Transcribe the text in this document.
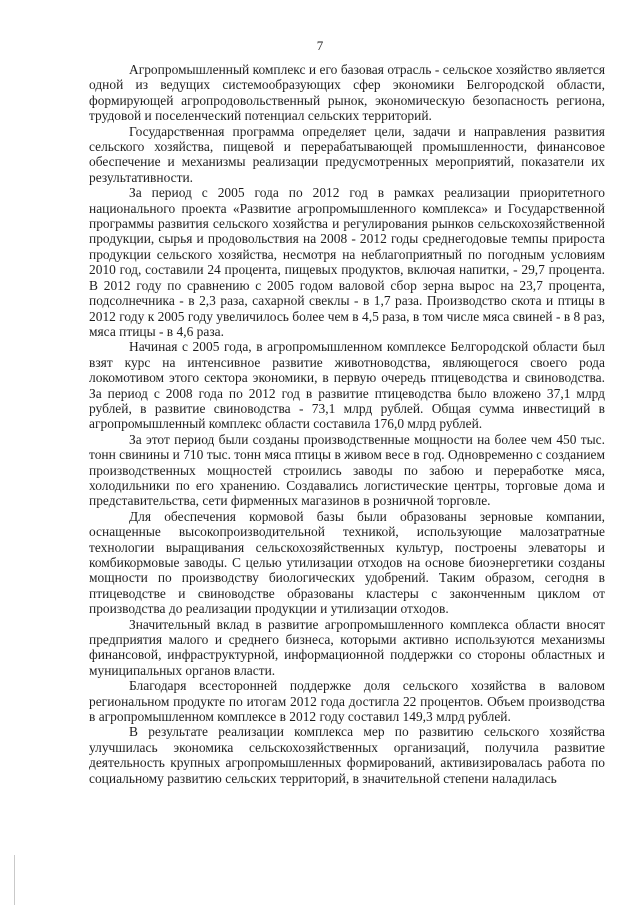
7

Агропромышленный комплекс и его базовая отрасль - сельское хозяйство является одной из ведущих системообразующих сфер экономики Белгородской области, формирующей агропродовольственный рынок, экономическую безопасность региона, трудовой и поселенческий потенциал сельских территорий.

Государственная программа определяет цели, задачи и направления развития сельского хозяйства, пищевой и перерабатывающей промышленности, финансовое обеспечение и механизмы реализации предусмотренных мероприятий, показатели их результативности.

За период с 2005 года по 2012 год в рамках реализации приоритетного национального проекта «Развитие агропромышленного комплекса» и Государственной программы развития сельского хозяйства и регулирования рынков сельскохозяйственной продукции, сырья и продовольствия на 2008 - 2012 годы среднегодовые темпы прироста продукции сельского хозяйства, несмотря на неблагоприятный по погодным условиям 2010 год, составили 24 процента, пищевых продуктов, включая напитки, - 29,7 процента. В 2012 году по сравнению с 2005 годом валовой сбор зерна вырос на 23,7 процента, подсолнечника - в 2,3 раза, сахарной свеклы - в 1,7 раза. Производство скота и птицы в 2012 году к 2005 году увеличилось более чем в 4,5 раза, в том числе мяса свиней - в 8 раз, мяса птицы - в 4,6 раза.

Начиная с 2005 года, в агропромышленном комплексе Белгородской области был взят курс на интенсивное развитие животноводства, являющегося своего рода локомотивом этого сектора экономики, в первую очередь птицеводства и свиноводства. За период с 2008 года по 2012 год в развитие птицеводства было вложено 37,1 млрд рублей, в развитие свиноводства - 73,1 млрд рублей. Общая сумма инвестиций в агропромышленный комплекс области составила 176,0 млрд рублей.

За этот период были созданы производственные мощности на более чем 450 тыс. тонн свинины и 710 тыс. тонн мяса птицы в живом весе в год. Одновременно с созданием производственных мощностей строились заводы по забою и переработке мяса, холодильники по его хранению. Создавались логистические центры, торговые дома и представительства, сети фирменных магазинов в розничной торговле.

Для обеспечения кормовой базы были образованы зерновые компании, оснащенные высокопроизводительной техникой, использующие малозатратные технологии выращивания сельскохозяйственных культур, построены элеваторы и комбикормовые заводы. С целью утилизации отходов на основе биоэнергетики созданы мощности по производству биологических удобрений. Таким образом, сегодня в птицеводстве и свиноводстве образованы кластеры с законченным циклом от производства до реализации продукции и утилизации отходов.

Значительный вклад в развитие агропромышленного комплекса области вносят предприятия малого и среднего бизнеса, которыми активно используются механизмы финансовой, инфраструктурной, информационной поддержки со стороны областных и муниципальных органов власти.

Благодаря всесторонней поддержке доля сельского хозяйства в валовом региональном продукте по итогам 2012 года достигла 22 процентов. Объем производства в агропромышленном комплексе в 2012 году составил 149,3 млрд рублей.

В результате реализации комплекса мер по развитию сельского хозяйства улучшилась экономика сельскохозяйственных организаций, получила развитие деятельность крупных агропромышленных формирований, активизировалась работа по социальному развитию сельских территорий, в значительной степени наладилась
